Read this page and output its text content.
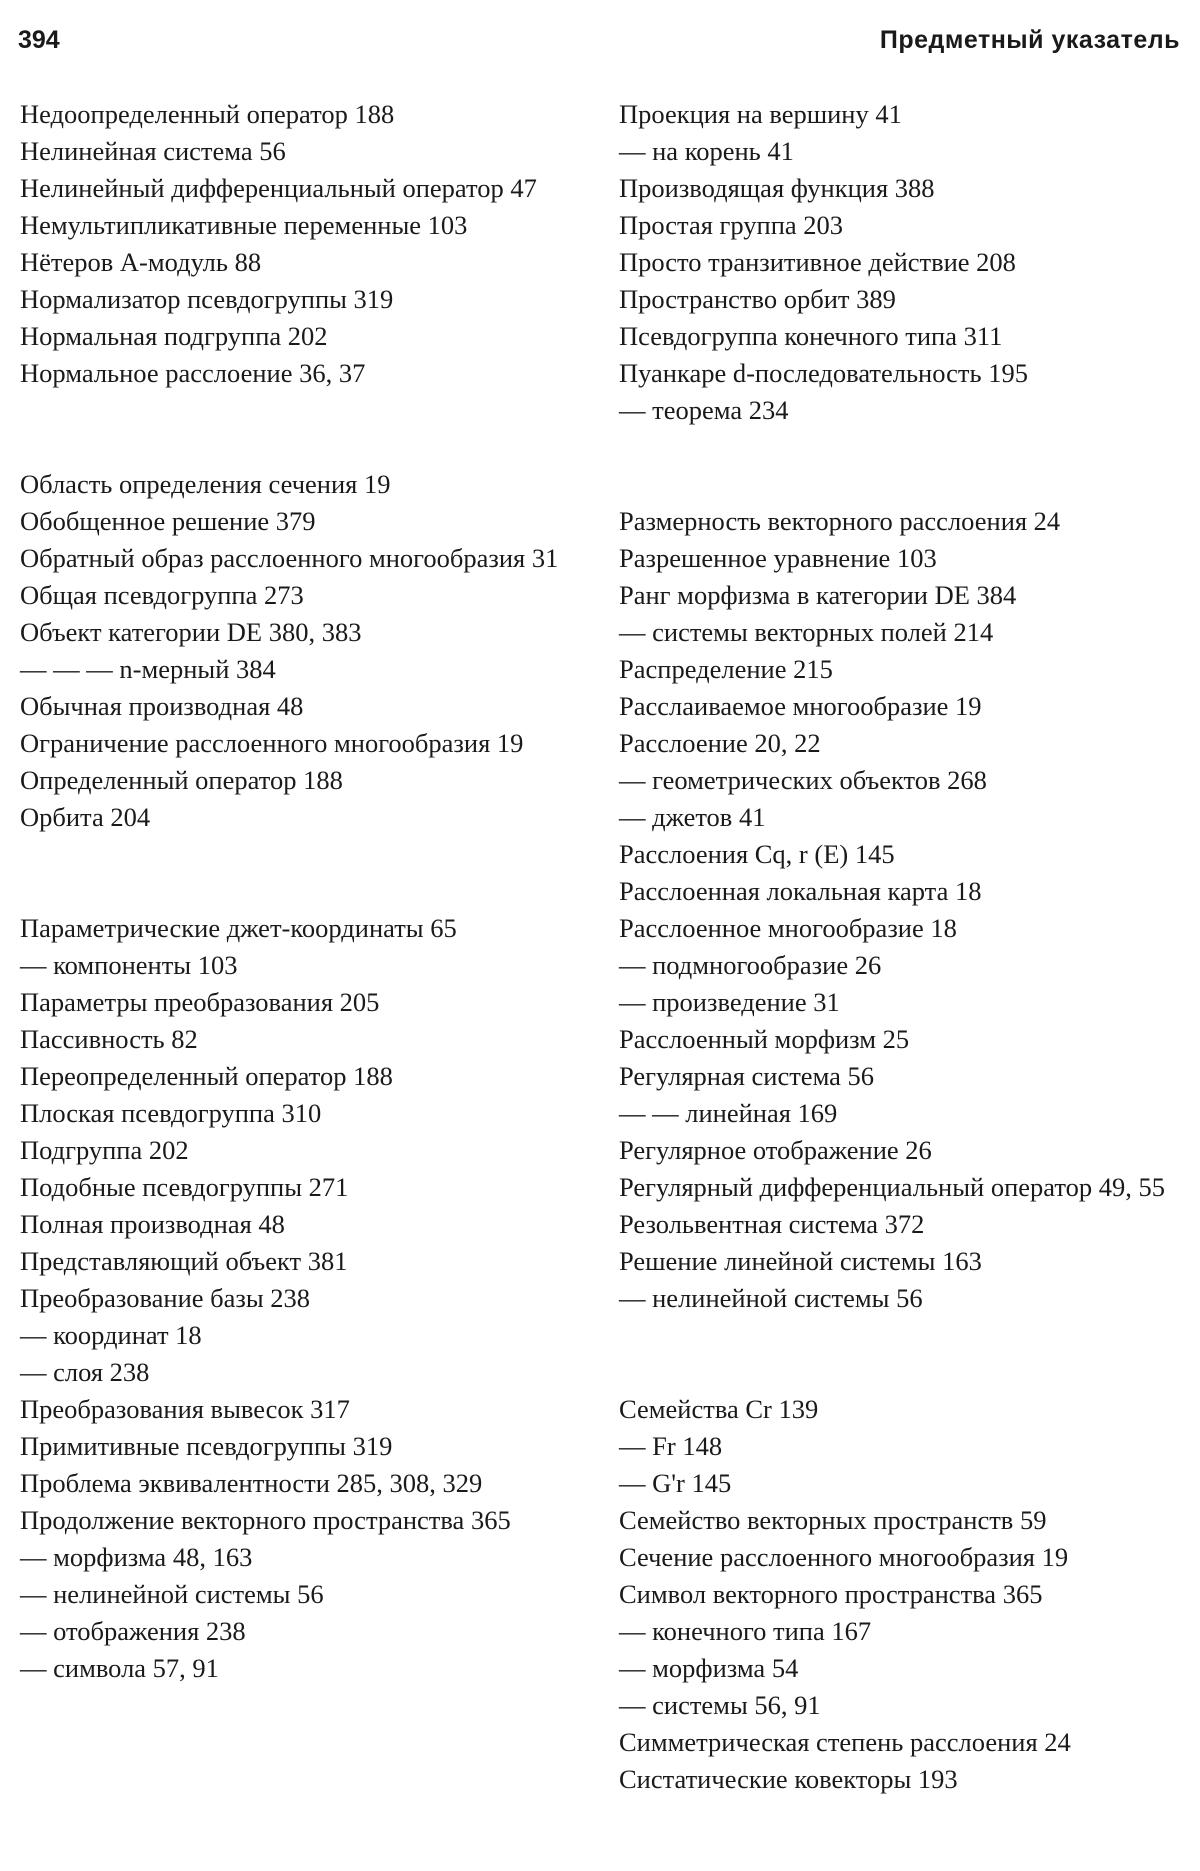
394	Предметный указатель
Недоопределенный оператор 188
Нелинейная система 56
Нелинейный дифференциальный оператор 47
Немультипликативные переменные 103
Нётеров A-модуль 88
Нормализатор псевдогруппы 319
Нормальная подгруппа 202
Нормальное расслоение 36, 37
Область определения сечения 19
Обобщенное решение 379
Обратный образ расслоенного многообразия 31
Общая псевдогруппа 273
Объект категории DE 380, 383
— — — n-мерный 384
Обычная производная 48
Ограничение расслоенного многообразия 19
Определенный оператор 188
Орбита 204
Параметрические джет-координаты 65
— компоненты 103
Параметры преобразования 205
Пассивность 82
Переопределенный оператор 188
Плоская псевдогруппа 310
Подгруппа 202
Подобные псевдогруппы 271
Полная производная 48
Представляющий объект 381
Преобразование базы 238
— координат 18
— слоя 238
Преобразования вывесок 317
Примитивные псевдогруппы 319
Проблема эквивалентности 285, 308, 329
Продолжение векторного пространства 365
— морфизма 48, 163
— нелинейной системы 56
— отображения 238
— символа 57, 91
Проекция на вершину 41
— на корень 41
Производящая функция 388
Простая группа 203
Просто транзитивное действие 208
Пространство орбит 389
Псевдогруппа конечного типа 311
Пуанкаре d-последовательность 195
— теорема 234
Размерность векторного расслоения 24
Разрешенное уравнение 103
Ранг морфизма в категории DE 384
— системы векторных полей 214
Распределение 215
Расслаиваемое многообразие 19
Расслоение 20, 22
— геометрических объектов 268
— джетов 41
Расслоения Cq, r (E) 145
Расслоенная локальная карта 18
Расслоенное многообразие 18
— подмногообразие 26
— произведение 31
Расслоенный морфизм 25
Регулярная система 56
— — линейная 169
Регулярное отображение 26
Регулярный дифференциальный оператор 49, 55
Резольвентная система 372
Решение линейной системы 163
— нелинейной системы 56
Семейства Cr 139
— Fr 148
— G'r 145
Семейство векторных пространств 59
Сечение расслоенного многообразия 19
Символ векторного пространства 365
— конечного типа 167
— морфизма 54
— системы 56, 91
Симметрическая степень расслоения 24
Систатические ковекторы 193
